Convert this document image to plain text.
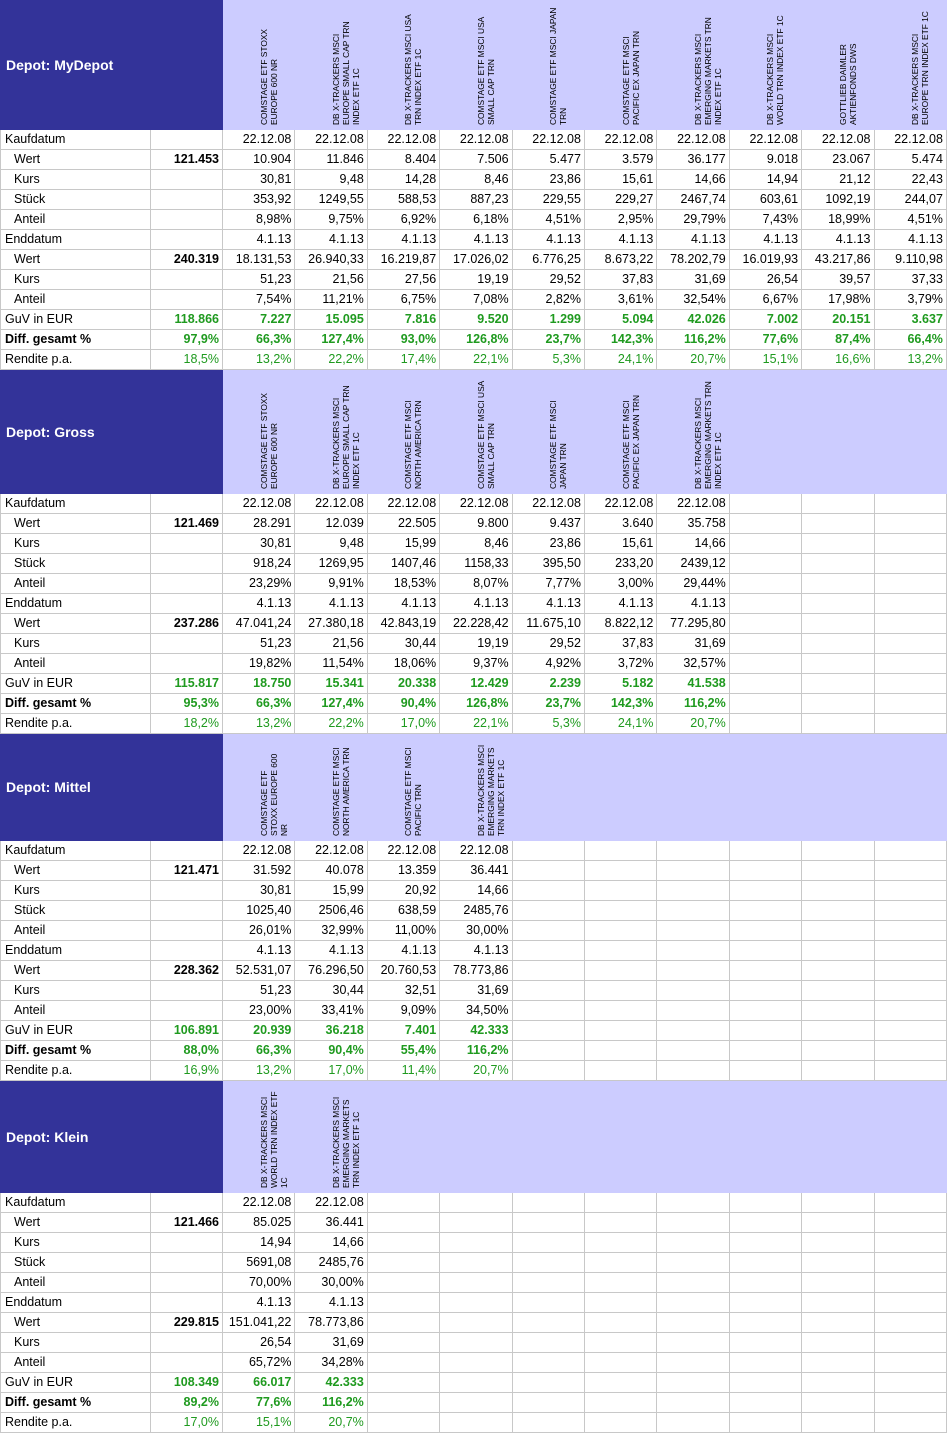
Depot: MyDepot		COMSTAGE ETF STOXX EUROPE 600 NR	DB X-TRACKERS MSCI EUROPE SMALL CAP TRN INDEX ETF 1C	DB X-TRACKERS MSCI USA TRN INDEX ETF 1C	COMSTAGE ETF MSCI USA SMALL CAP TRN	COMSTAGE ETF MSCI JAPAN TRN	COMSTAGE ETF MSCI PACIFIC EX JAPAN TRN	DB X-TRACKERS MSCI EMERGING MARKETS TRN INDEX ETF 1C	DB X-TRACKERS MSCI WORLD TRN INDEX ETF 1C	GOTTLIEB DAIMLER AKTIENFONDS DWS	DB X-TRACKERS MSCI EUROPE TRN INDEX ETF 1C

Kaufdatum		22.12.08	22.12.08	22.12.08	22.12.08	22.12.08	22.12.08	22.12.08	22.12.08	22.12.08	22.12.08
Wert	121.453	10.904	11.846	8.404	7.506	5.477	3.579	36.177	9.018	23.067	5.474
Kurs		30,81	9,48	14,28	8,46	23,86	15,61	14,66	14,94	21,12	22,43
Stück		353,92	1249,55	588,53	887,23	229,55	229,27	2467,74	603,61	1092,19	244,07
Anteil		8,98%	9,75%	6,92%	6,18%	4,51%	2,95%	29,79%	7,43%	18,99%	4,51%
Enddatum		4.1.13	4.1.13	4.1.13	4.1.13	4.1.13	4.1.13	4.1.13	4.1.13	4.1.13	4.1.13
Wert	240.319	18.131,53	26.940,33	16.219,87	17.026,02	6.776,25	8.673,22	78.202,79	16.019,93	43.217,86	9.110,98
Kurs		51,23	21,56	27,56	19,19	29,52	37,83	31,69	26,54	39,57	37,33
Anteil		7,54%	11,21%	6,75%	7,08%	2,82%	3,61%	32,54%	6,67%	17,98%	3,79%
GuV in EUR	118.866	7.227	15.095	7.816	9.520	1.299	5.094	42.026	7.002	20.151	3.637
Diff. gesamt %	97,9%	66,3%	127,4%	93,0%	126,8%	23,7%	142,3%	116,2%	77,6%	87,4%	66,4%
Rendite p.a.	18,5%	13,2%	22,2%	17,4%	22,1%	5,3%	24,1%	20,7%	15,1%	16,6%	13,2%
Depot: Gross		COMSTAGE ETF STOXX EUROPE 600 NR	DB X-TRACKERS MSCI EUROPE SMALL CAP TRN INDEX ETF 1C	COMSTAGE ETF MSCI NORTH AMERICA TRN	COMSTAGE ETF MSCI USA SMALL CAP TRN	COMSTAGE ETF MSCI JAPAN TRN	COMSTAGE ETF MSCI PACIFIC EX JAPAN TRN	DB X-TRACKERS MSCI EMERGING MARKETS TRN INDEX ETF 1C			

Kaufdatum		22.12.08	22.12.08	22.12.08	22.12.08	22.12.08	22.12.08	22.12.08			
Wert	121.469	28.291	12.039	22.505	9.800	9.437	3.640	35.758			
Kurs		30,81	9,48	15,99	8,46	23,86	15,61	14,66			
Stück		918,24	1269,95	1407,46	1158,33	395,50	233,20	2439,12			
Anteil		23,29%	9,91%	18,53%	8,07%	7,77%	3,00%	29,44%			
Enddatum		4.1.13	4.1.13	4.1.13	4.1.13	4.1.13	4.1.13	4.1.13			
Wert	237.286	47.041,24	27.380,18	42.843,19	22.228,42	11.675,10	8.822,12	77.295,80			
Kurs		51,23	21,56	30,44	19,19	29,52	37,83	31,69			
Anteil		19,82%	11,54%	18,06%	9,37%	4,92%	3,72%	32,57%			
GuV in EUR	115.817	18.750	15.341	20.338	12.429	2.239	5.182	41.538			
Diff. gesamt %	95,3%	66,3%	127,4%	90,4%	126,8%	23,7%	142,3%	116,2%			
Rendite p.a.	18,2%	13,2%	22,2%	17,0%	22,1%	5,3%	24,1%	20,7%			
Depot: Mittel		COMSTAGE ETF STOXX EUROPE 600 NR	COMSTAGE ETF MSCI NORTH AMERICA TRN	COMSTAGE ETF MSCI PACIFIC TRN	DB X-TRACKERS MSCI EMERGING MARKETS TRN INDEX ETF 1C						

Kaufdatum		22.12.08	22.12.08	22.12.08	22.12.08						
Wert	121.471	31.592	40.078	13.359	36.441						
Kurs		30,81	15,99	20,92	14,66						
Stück		1025,40	2506,46	638,59	2485,76						
Anteil		26,01%	32,99%	11,00%	30,00%						
Enddatum		4.1.13	4.1.13	4.1.13	4.1.13						
Wert	228.362	52.531,07	76.296,50	20.760,53	78.773,86						
Kurs		51,23	30,44	32,51	31,69						
Anteil		23,00%	33,41%	9,09%	34,50%						
GuV in EUR	106.891	20.939	36.218	7.401	42.333						
Diff. gesamt %	88,0%	66,3%	90,4%	55,4%	116,2%						
Rendite p.a.	16,9%	13,2%	17,0%	11,4%	20,7%						
Depot: Klein		DB X-TRACKERS MSCI WORLD TRN INDEX ETF 1C	DB X-TRACKERS MSCI EMERGING MARKETS TRN INDEX ETF 1C								

Kaufdatum		22.12.08	22.12.08								
Wert	121.466	85.025	36.441								
Kurs		14,94	14,66								
Stück		5691,08	2485,76								
Anteil		70,00%	30,00%								
Enddatum		4.1.13	4.1.13								
Wert	229.815	151.041,22	78.773,86								
Kurs		26,54	31,69								
Anteil		65,72%	34,28%								
GuV in EUR	108.349	66.017	42.333								
Diff. gesamt %	89,2%	77,6%	116,2%								
Rendite p.a.	17,0%	15,1%	20,7%								
